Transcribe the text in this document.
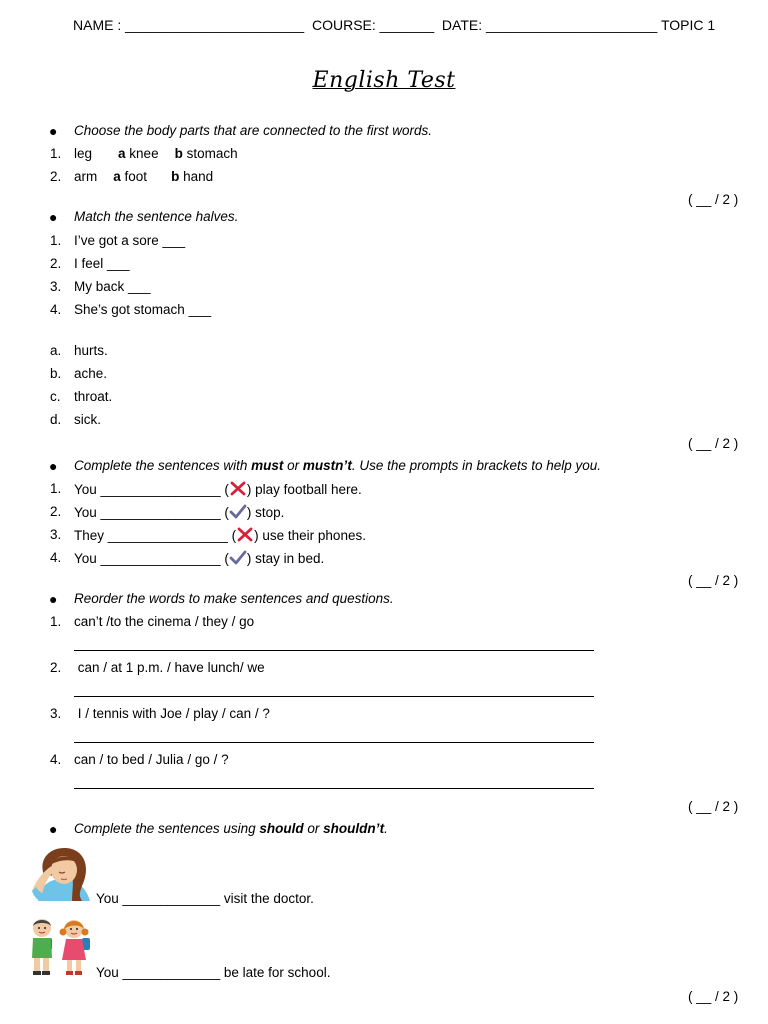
NAME : _______________________  COURSE: _______  DATE: ______________________ TOPIC 1
English Test
● Choose the body parts that are connected to the first words.
1. leg a knee b stomach
2. arm a foot b hand
( __ / 2 )
● Match the sentence halves.
1. I’ve got a sore ___
2. I feel ___
3. My back ___
4. She’s got stomach ___
a. hurts.
b. ache.
c. throat.
d. sick.
( __ / 2 )
● Complete the sentences with must or mustn’t. Use the prompts in brackets to help you.
1. You ________________ ( ) play football here.
2. You ________________ ( ) stop.
3. They ________________ ( ) use their phones.
4. You ________________ ( ) stay in bed.
( __ / 2 )
● Reorder the words to make sentences and questions.
1. can’t /to the cinema / they / go
2. can / at 1 p.m. / have lunch/ we
3. I / tennis with Joe / play / can / ?
4. can / to bed / Julia / go / ?
( __ / 2 )
● Complete the sentences using should or shouldn’t.
You _____________ visit the doctor.
You _____________ be late for school.
( __ / 2 )
